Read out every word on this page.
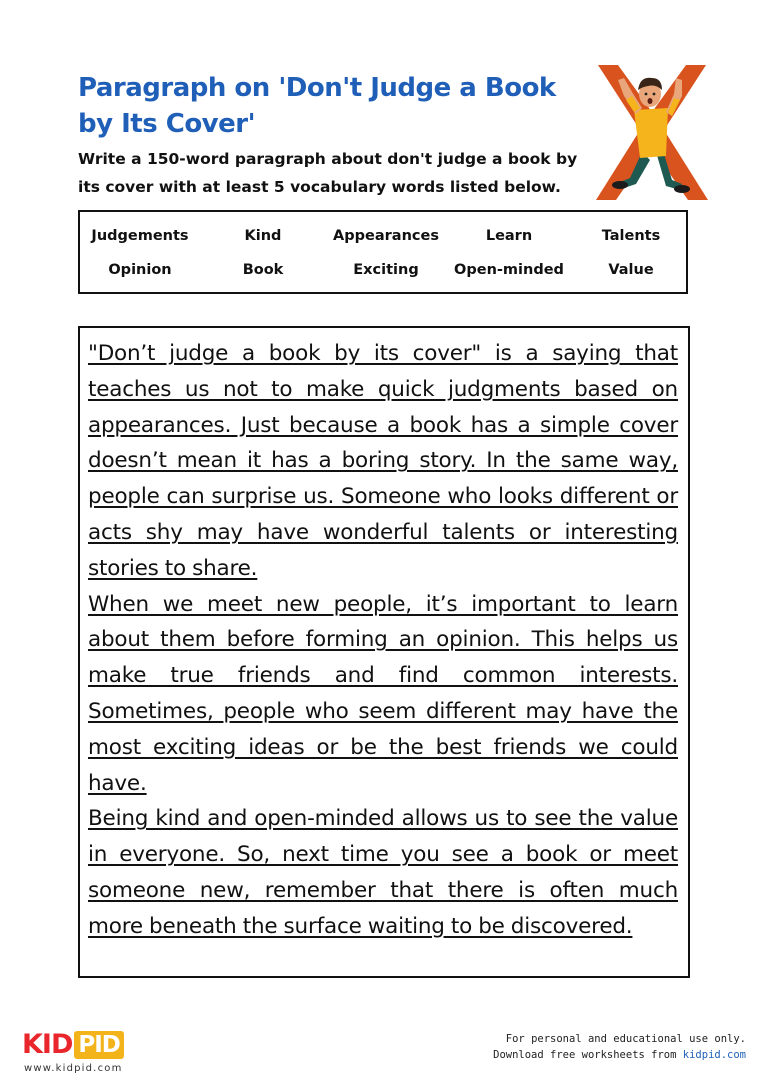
Paragraph on 'Don't Judge a Book by Its Cover'

Write a 150-word paragraph about don't judge a book by its cover with at least 5 vocabulary words listed below.

Judgements	Kind	Appearances	Learn	Talents
Opinion	Book	Exciting	Open-minded	Value

"Don’t judge a book by its cover" is a saying that teaches us not to make quick judgments based on appearances. Just because a book has a simple cover doesn’t mean it has a boring story. In the same way, people can surprise us. Someone who looks different or acts shy may have wonderful talents or interesting stories to share.

When we meet new people, it’s important to learn about them before forming an opinion. This helps us make true friends and find common interests. Sometimes, people who seem different may have the most exciting ideas or be the best friends we could have.

Being kind and open-minded allows us to see the value in everyone. So, next time you see a book or meet someone new, remember that there is often much more beneath the surface waiting to be discovered.

KID PID
www.kidpid.com
For personal and educational use only.
Download free worksheets from kidpid.com
